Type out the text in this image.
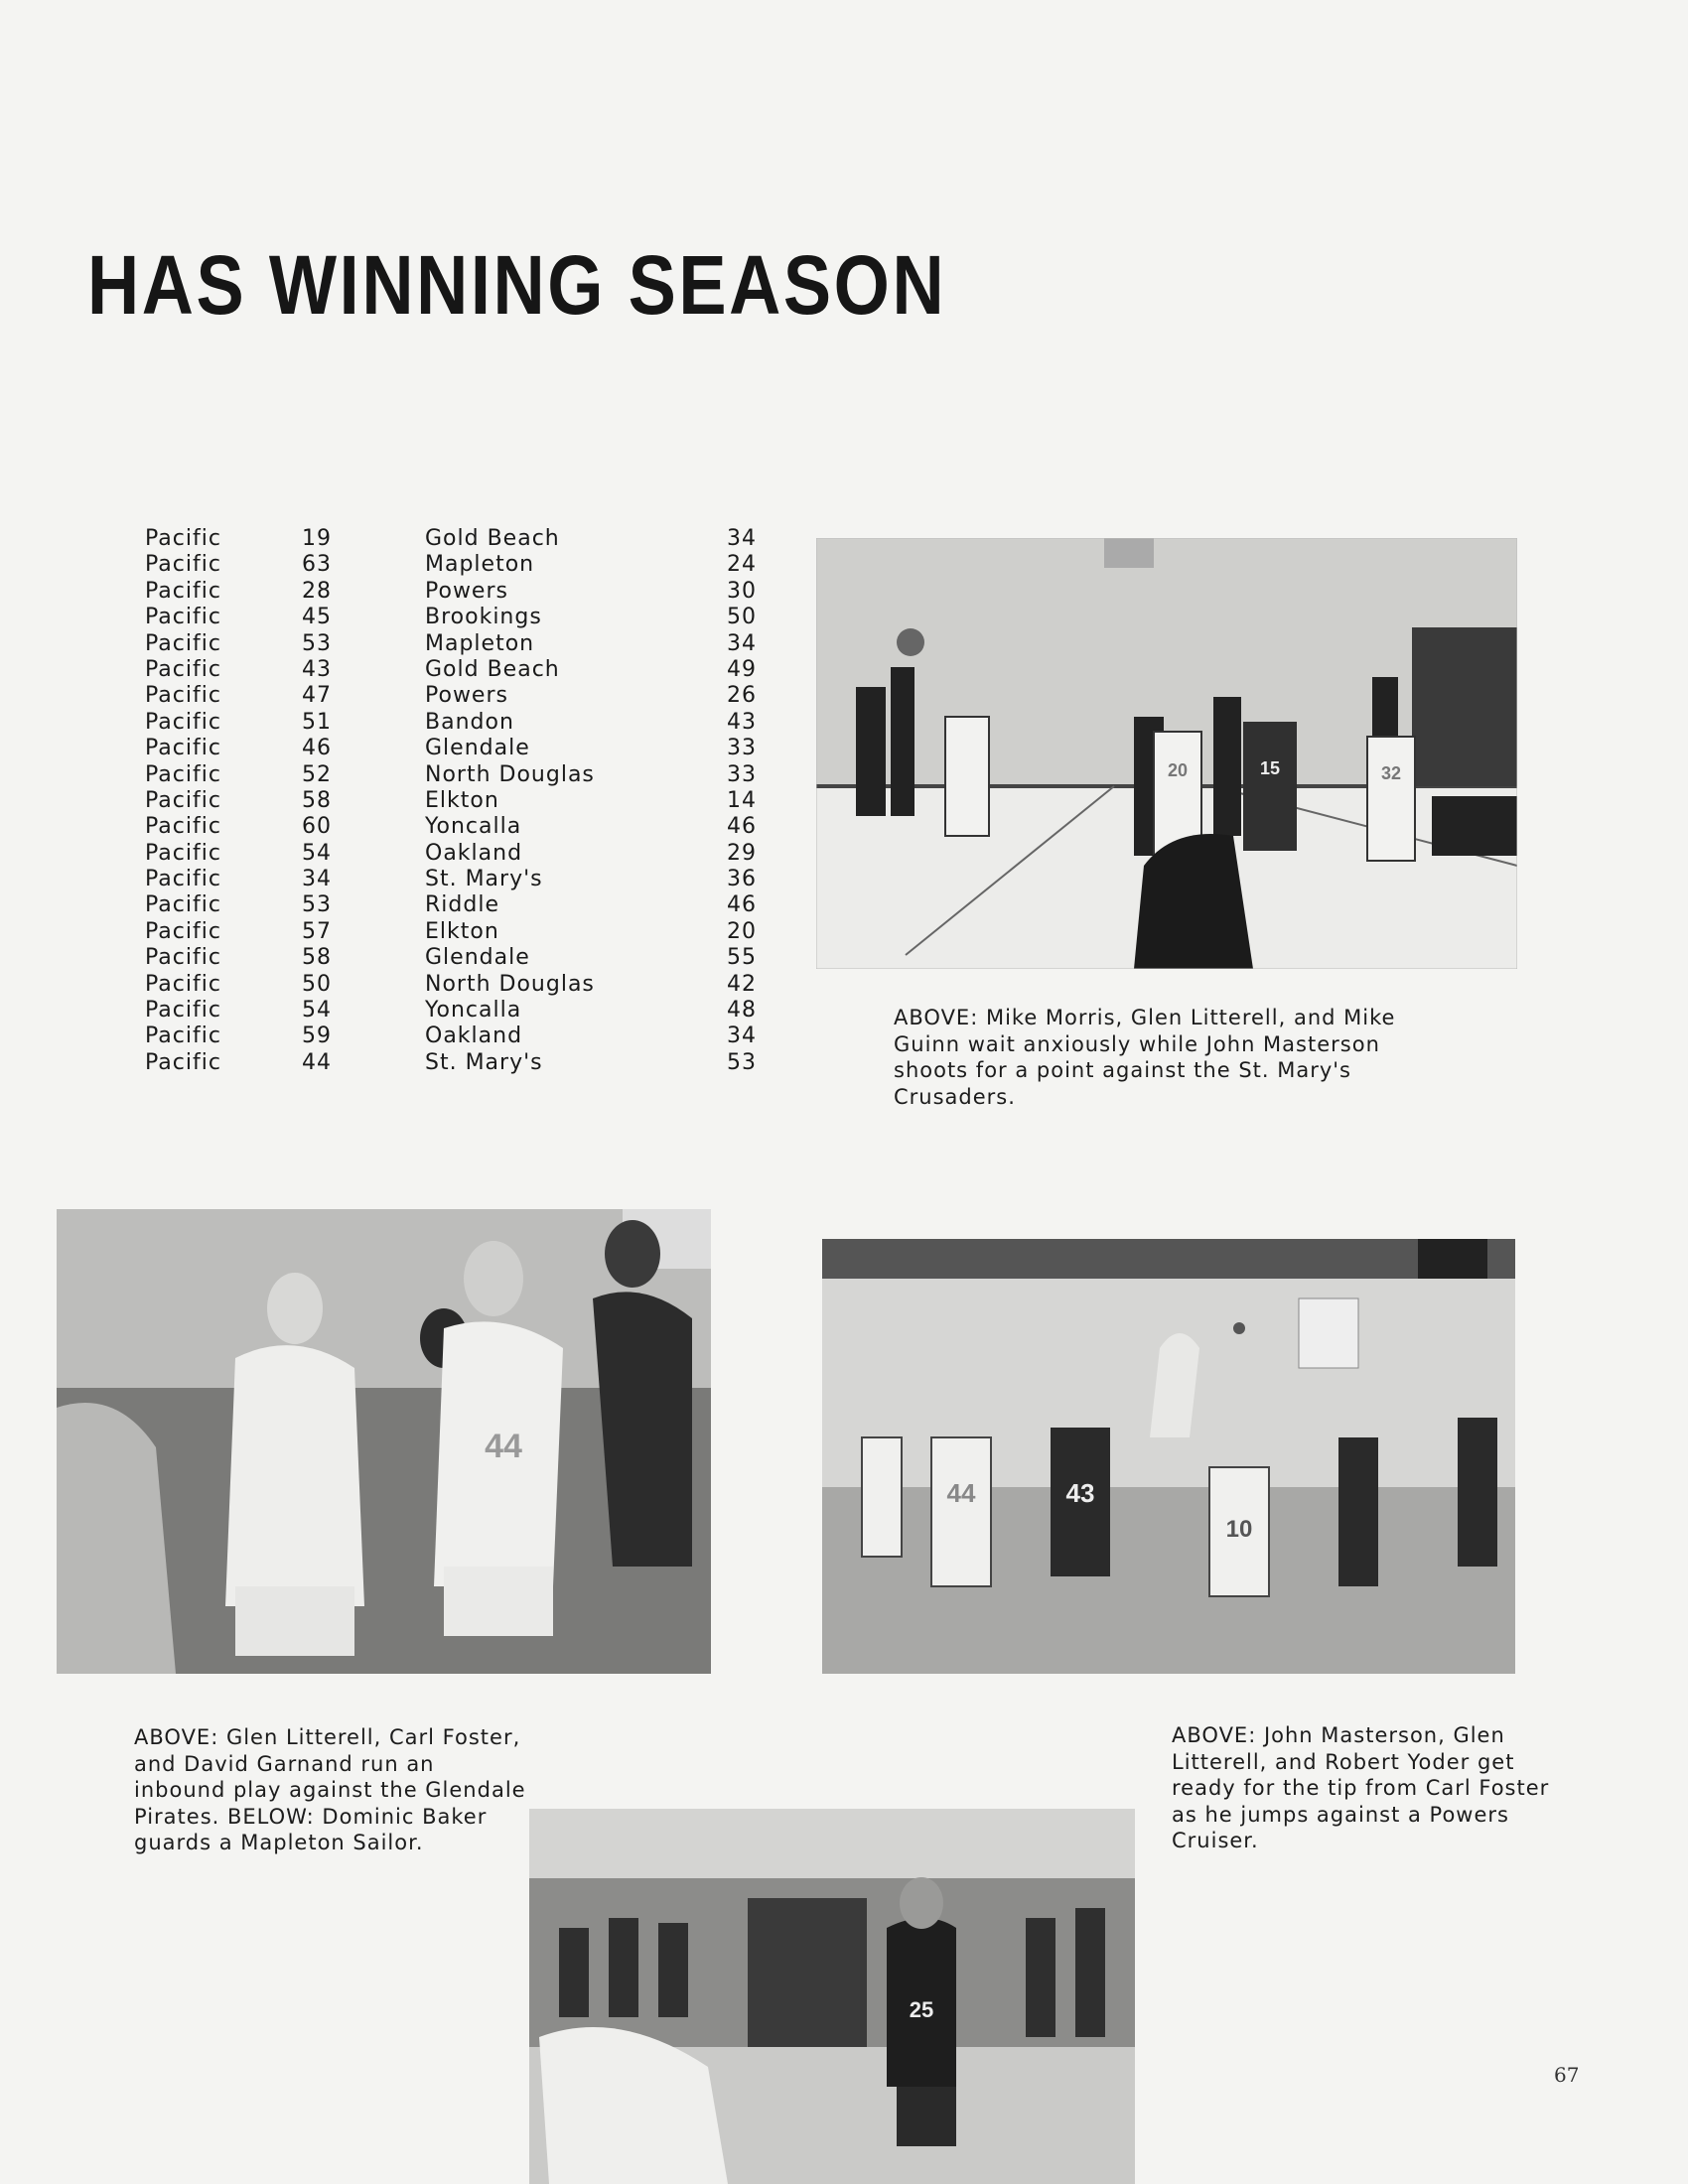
HAS WINNING SEASON
Pacific	19	Gold Beach	34
Pacific	63	Mapleton	24
Pacific	28	Powers	30
Pacific	45	Brookings	50
Pacific	53	Mapleton	34
Pacific	43	Gold Beach	49
Pacific	47	Powers	26
Pacific	51	Bandon	43
Pacific	46	Glendale	33
Pacific	52	North Douglas	33
Pacific	58	Elkton	14
Pacific	60	Yoncalla	46
Pacific	54	Oakland	29
Pacific	34	St. Mary's	36
Pacific	53	Riddle	46
Pacific	57	Elkton	20
Pacific	58	Glendale	55
Pacific	50	North Douglas	42
Pacific	54	Yoncalla	48
Pacific	59	Oakland	34
Pacific	44	St. Mary's	53
20	15	32
ABOVE: Mike Morris, Glen Litterell, and Mike Guinn wait anxiously while John Masterson shoots for a point against the St. Mary's Crusaders.
44
44	43
10
ABOVE: Glen Litterell, Carl Foster, and David Garnand run an inbound play against the Glendale Pirates. BELOW: Dominic Baker guards a Mapleton Sailor.
ABOVE: John Masterson, Glen Litterell, and Robert Yoder get ready for the tip from Carl Foster as he jumps against a Powers Cruiser.
25
67
